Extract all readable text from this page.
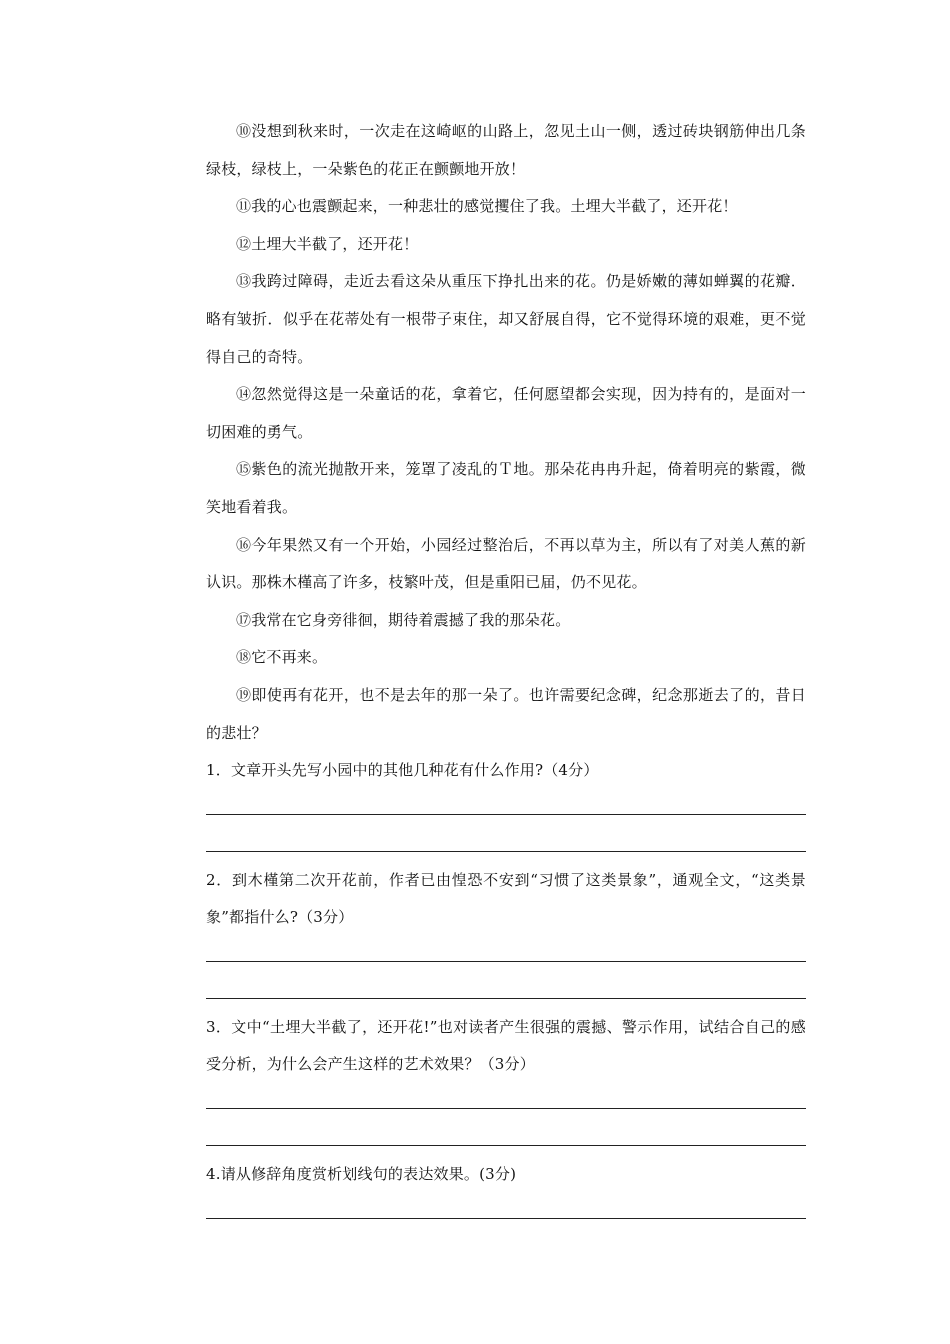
⑩没想到秋来时，一次走在这崎岖的山路上，忽见土山一侧，透过砖块钢筋伸出几条绿枝，绿枝上，一朵紫色的花正在颤颤地开放！

⑪我的心也震颤起来，一种悲壮的感觉攫住了我。土埋大半截了，还开花！

⑫土埋大半截了，还开花！

⑬我跨过障碍，走近去看这朵从重压下挣扎出来的花。仍是娇嫩的薄如蝉翼的花瓣．略有皱折．似乎在花蒂处有一根带子束住，却又舒展自得，它不觉得环境的艰难，更不觉得自己的奇特。

⑭忽然觉得这是一朵童话的花，拿着它，任何愿望都会实现，因为持有的，是面对一切困难的勇气。

⑮紫色的流光抛散开来，笼罩了凌乱的Ｔ地。那朵花冉冉升起，倚着明亮的紫霞，微笑地看着我。

⑯今年果然又有一个开始，小园经过整治后，不再以草为主，所以有了对美人蕉的新认识。那株木槿高了许多，枝繁叶茂，但是重阳已届，仍不见花。

⑰我常在它身旁徘徊，期待着震撼了我的那朵花。

⑱它不再来。

⑲即使再有花开，也不是去年的那一朵了。也许需要纪念碑，纪念那逝去了的，昔日的悲壮？

1．文章开头先写小园中的其他几种花有什么作用?（4分）

2．到木槿第二次开花前，作者已由惶恐不安到“习惯了这类景象”，通观全文，“这类景象”都指什么?（3分）

3．文中“土埋大半截了，还开花!”也对读者产生很强的震撼、警示作用，试结合自己的感受分析，为什么会产生这样的艺术效果？（3分）

4.请从修辞角度赏析划线句的表达效果。(3分)
